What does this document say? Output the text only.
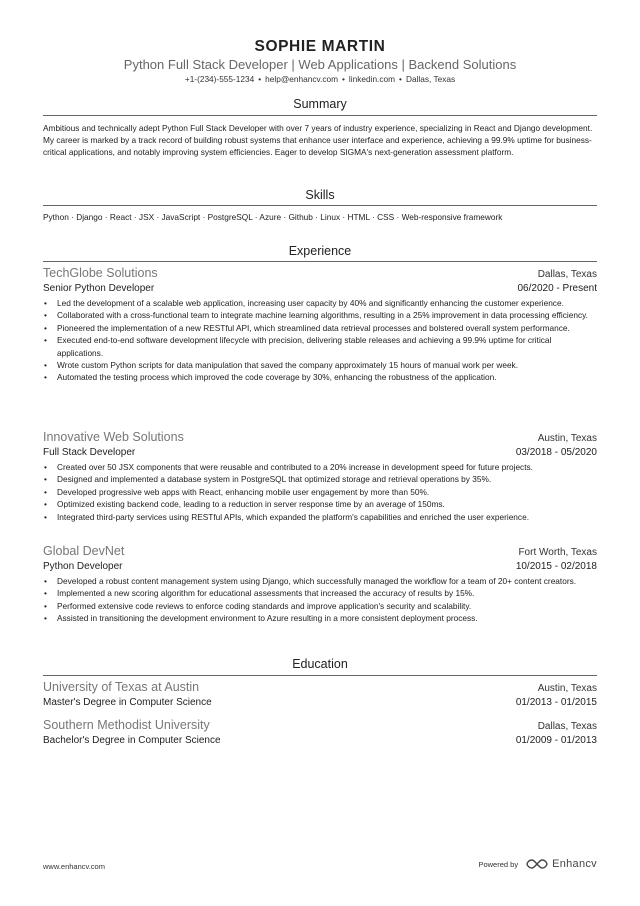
SOPHIE MARTIN
Python Full Stack Developer | Web Applications | Backend Solutions
+1-(234)-555-1234 • help@enhancv.com • linkedin.com • Dallas, Texas
Summary

Ambitious and technically adept Python Full Stack Developer with over 7 years of industry experience, specializing in React and Django development. My career is marked by a track record of building robust systems that enhance user interface and experience, achieving a 99.9% uptime for business-critical applications, and notably improving system efficiencies. Eager to develop SIGMA's next-generation assessment platform.

Skills

Python · Django · React · JSX · JavaScript · PostgreSQL · Azure · Github · Linux · HTML · CSS · Web-responsive framework

Experience
TechGlobe Solutions	Dallas, Texas
Senior Python Developer	06/2020 - Present
• Led the development of a scalable web application, increasing user capacity by 40% and significantly enhancing the customer experience.
• Collaborated with a cross-functional team to integrate machine learning algorithms, resulting in a 25% improvement in data processing efficiency.
• Pioneered the implementation of a new RESTful API, which streamlined data retrieval processes and bolstered overall system performance.
• Executed end-to-end software development lifecycle with precision, delivering stable releases and achieving a 99.9% uptime for critical applications.
• Wrote custom Python scripts for data manipulation that saved the company approximately 15 hours of manual work per week.
• Automated the testing process which improved the code coverage by 30%, enhancing the robustness of the application.
Innovative Web Solutions	Austin, Texas
Full Stack Developer	03/2018 - 05/2020
• Created over 50 JSX components that were reusable and contributed to a 20% increase in development speed for future projects.
• Designed and implemented a database system in PostgreSQL that optimized storage and retrieval operations by 35%.
• Developed progressive web apps with React, enhancing mobile user engagement by more than 50%.
• Optimized existing backend code, leading to a reduction in server response time by an average of 150ms.
• Integrated third-party services using RESTful APIs, which expanded the platform's capabilities and enriched the user experience.
Global DevNet	Fort Worth, Texas
Python Developer	10/2015 - 02/2018
• Developed a robust content management system using Django, which successfully managed the workflow for a team of 20+ content creators.
• Implemented a new scoring algorithm for educational assessments that increased the accuracy of results by 15%.
• Performed extensive code reviews to enforce coding standards and improve application's security and scalability.
• Assisted in transitioning the development environment to Azure resulting in a more consistent deployment process.
Education
University of Texas at Austin	Austin, Texas
Master's Degree in Computer Science	01/2013 - 01/2015
Southern Methodist University	Dallas, Texas
Bachelor's Degree in Computer Science	01/2009 - 01/2013
www.enhancv.com	Powered by	Enhancv
